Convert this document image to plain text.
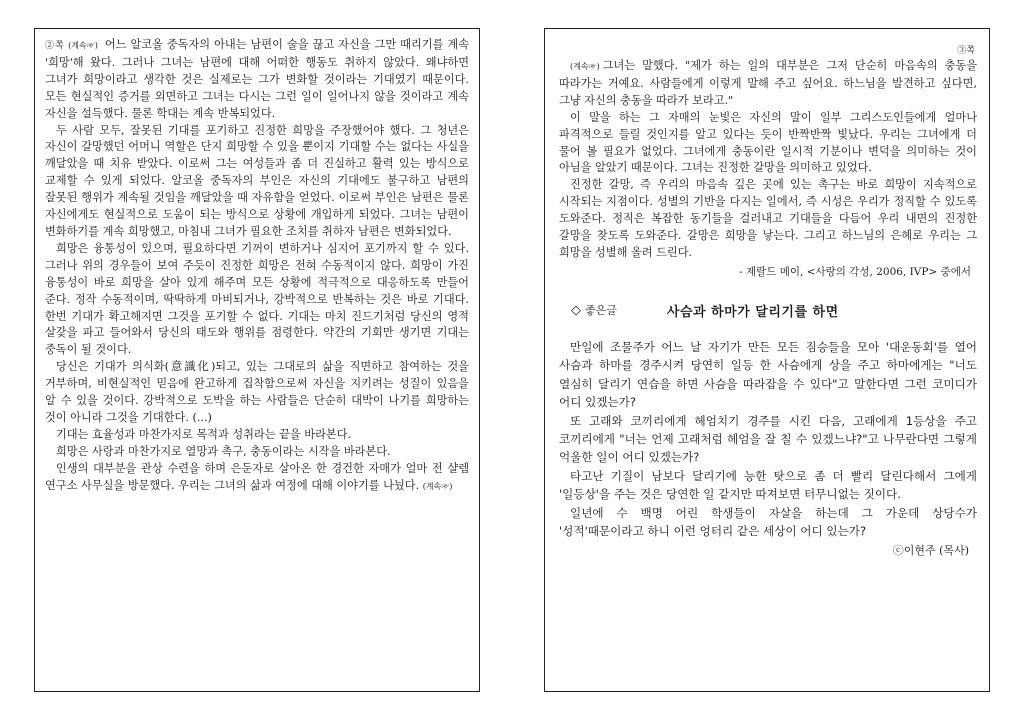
②쪽 (계속☞) 어느 알코올 중독자의 아내는 남편이 술을 끊고 자신을 그만 때리기를 계속 '희망'해 왔다. 그러나 그녀는 남편에 대해 어떠한 행동도 취하지 않았다. 왜냐하면 그녀가 희망이라고 생각한 것은 실제로는 그가 변화할 것이라는 기대였기 때문이다. 모든 현실적인 증거를 외면하고 그녀는 다시는 그런 일이 일어나지 않을 것이라고 계속 자신을 설득했다. 물론 학대는 계속 반복되었다.

두 사람 모두, 잘못된 기대를 포기하고 진정한 희망을 주장했어야 했다. 그 청년은 자신이 갈망했던 어머니 역할은 단지 희망할 수 있을 뿐이지 기대할 수는 없다는 사실을 깨달았을 때 치유 받았다. 이로써 그는 여성들과 좀 더 진실하고 활력 있는 방식으로 교제할 수 있게 되었다. 알코올 중독자의 부인은 자신의 기대에도 불구하고 남편의 잘못된 행위가 계속될 것임을 깨달았을 때 자유함을 얻었다. 이로써 부인은 남편은 물론 자신에게도 현실적으로 도움이 되는 방식으로 상황에 개입하게 되었다. 그녀는 남편이 변화하기를 계속 희망했고, 마침내 그녀가 필요한 조치를 취하자 남편은 변화되었다.

희망은 융통성이 있으며, 필요하다면 기꺼이 변하거나 심지어 포기까지 할 수 있다. 그러나 위의 경우들이 보여 주듯이 진정한 희망은 전혀 수동적이지 않다. 희망이 가진 융통성이 바로 희망을 살아 있게 해주며 모든 상황에 적극적으로 대응하도록 만들어 준다. 정작 수동적이며, 딱딱하게 마비되거나, 강박적으로 반복하는 것은 바로 기대다. 한번 기대가 확고해지면 그것을 포기할 수 없다. 기대는 마치 진드기처럼 당신의 영적 살갗을 파고 들어와서 당신의 태도와 행위를 점령한다. 약간의 기회만 생기면 기대는 중독이 될 것이다.

당신은 기대가 의식화(意識化)되고, 있는 그대로의 삶을 직면하고 참여하는 것을 거부하며, 비현실적인 믿음에 완고하게 집착함으로써 자신을 지키려는 성질이 있음을 알 수 있을 것이다. 강박적으로 도박을 하는 사람들은 단순히 대박이 나기를 희망하는 것이 아니라 그것을 기대한다. (...)

기대는 효율성과 마찬가지로 목적과 성취라는 끝을 바라본다.

희망은 사랑과 마찬가지로 열망과 촉구, 충동이라는 시작을 바라본다.

인생의 대부분을 관상 수련을 하며 은둔자로 살아온 한 경건한 자매가 얼마 전 샬렘 연구소 사무실을 방문했다. 우리는 그녀의 삶과 여정에 대해 이야기를 나눴다. (계속☞)

③쪽

(계속☞) 그녀는 말했다. "제가 하는 일의 대부분은 그저 단순히 마음속의 충동을 따라가는 거예요. 사람들에게 이렇게 말해 주고 싶어요. 하느님을 발견하고 싶다면, 그냥 자신의 충동을 따라가 보라고."

이 말을 하는 그 자매의 눈빛은 자신의 말이 일부 그리스도인들에게 얼마나 파격적으로 들릴 것인지를 알고 있다는 듯이 반짝반짝 빛났다. 우리는 그녀에게 더 물어 볼 필요가 없었다. 그녀에게 충동이란 일시적 기분이나 변덕을 의미하는 것이 아님을 알았기 때문이다. 그녀는 진정한 갈망을 의미하고 있었다.

진정한 갈망, 즉 우리의 마음속 깊은 곳에 있는 촉구는 바로 희망이 지속적으로 시작되는 지점이다. 성별의 기반을 다지는 일에서, 즉 시성은 우리가 정직할 수 있도록 도와준다. 정직은 복잡한 동기들을 걸러내고 기대들을 다듬어 우리 내면의 진정한 갈망을 찾도록 도와준다. 갈망은 희망을 낳는다. 그리고 하느님의 은혜로 우리는 그 희망을 성별해 올려 드린다.

- 제랄드 메이, <사랑의 각성, 2006, IVP> 중에서
◇ 좋은글	사슴과 하마가 달리기를 하면

만일에 조물주가 어느 날 자기가 만든 모든 짐승들을 모아 '대운동회'를 열어 사슴과 하마를 경주시켜 당연히 일등 한 사슴에게 상을 주고 하마에게는 "너도 열심히 달리기 연습을 하면 사슴을 따라잡을 수 있다"고 말한다면 그런 코미디가 어디 있겠는가?

또 고래와 코끼리에게 헤엄치기 경주를 시킨 다음, 고래에게 1등상을 주고 코끼리에게 "너는 언제 고래처럼 헤엄을 잘 칠 수 있겠느냐?"고 나무란다면 그렇게 억울한 일이 어디 있겠는가?

타고난 기질이 남보다 달리기에 능한 탓으로 좀 더 빨리 달린다해서 그에게 '일등상'을 주는 것은 당연한 일 같지만 따져보면 터무니없는 짓이다.

일년에 수 백명 어린 학생들이 자살을 하는데 그 가운데 상당수가 '성적'때문이라고 하니 이런 엉터리 같은 세상이 어디 있는가?

ⓒ이현주 (목사)
